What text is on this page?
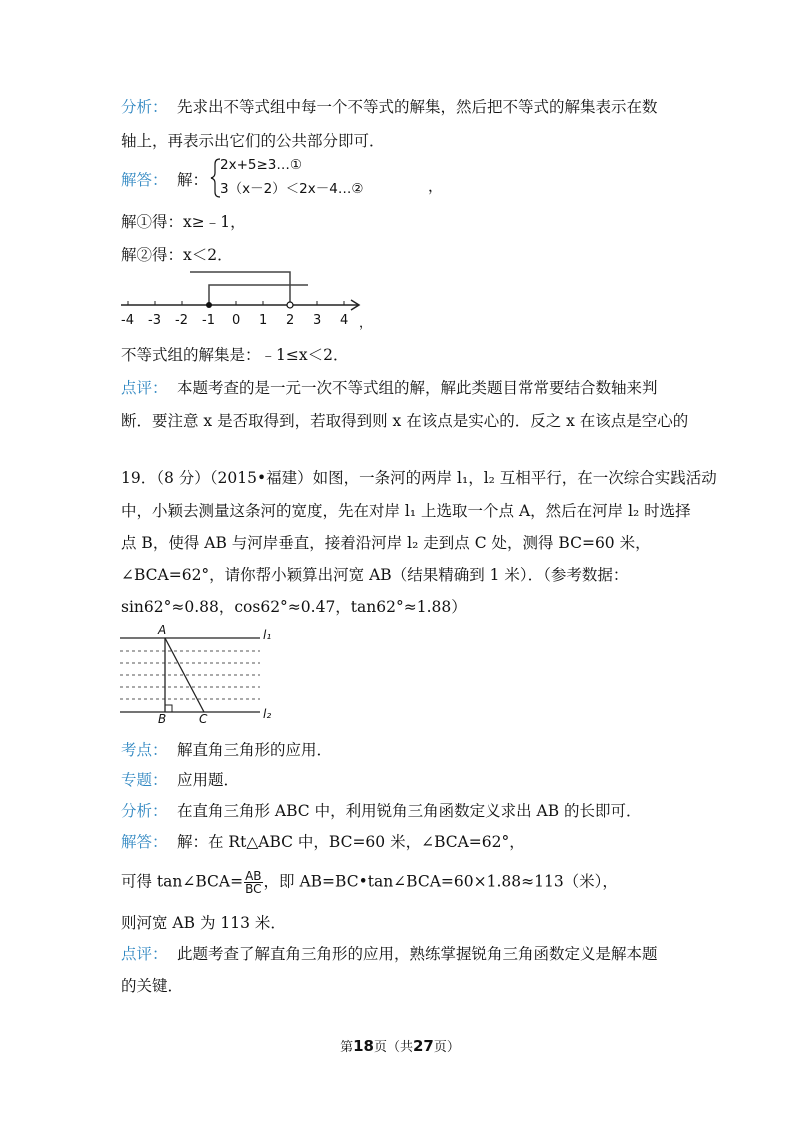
分析： 先求出不等式组中每一个不等式的解集，然后把不等式的解集表示在数
轴上，再表示出它们的公共部分即可．
解答： 解：
2x+5≥3…①
3（x－2）＜2x－4…②	，
解①得：x≥﹣1，
解②得：x＜2．
-4 -3 -2 -1 0 1 2 3 4 ，
不等式组的解集是：﹣1≤x＜2．
点评： 本题考查的是一元一次不等式组的解，解此类题目常常要结合数轴来判
断．要注意 x 是否取得到，若取得到则 x 在该点是实心的．反之 x 在该点是空心的
19．（8 分）（2015•福建）如图，一条河的两岸 l₁，l₂ 互相平行，在一次综合实践活动
中，小颖去测量这条河的宽度，先在对岸 l₁ 上选取一个点 A，然后在河岸 l₂ 时选择
点 B，使得 AB 与河岸垂直，接着沿河岸 l₂ 走到点 C 处，测得 BC=60 米，
∠BCA=62°，请你帮小颖算出河宽 AB（结果精确到 1 米）．（参考数据：
sin62°≈0.88，cos62°≈0.47，tan62°≈1.88）
A
B	C
l₁
l₂
考点： 解直角三角形的应用．
专题： 应用题．
分析： 在直角三角形 ABC 中，利用锐角三角函数定义求出 AB 的长即可．
解答： 解：在 Rt△ABC 中，BC=60 米，∠BCA=62°，
可得 tan∠BCA= $\frac{AB}{BC}$ ，即 AB=BC•tan∠BCA=60×1.88≈113（米），
则河宽 AB 为 113 米．
点评： 此题考查了解直角三角形的应用，熟练掌握锐角三角函数定义是解本题
的关键．
第18页（共27页）
